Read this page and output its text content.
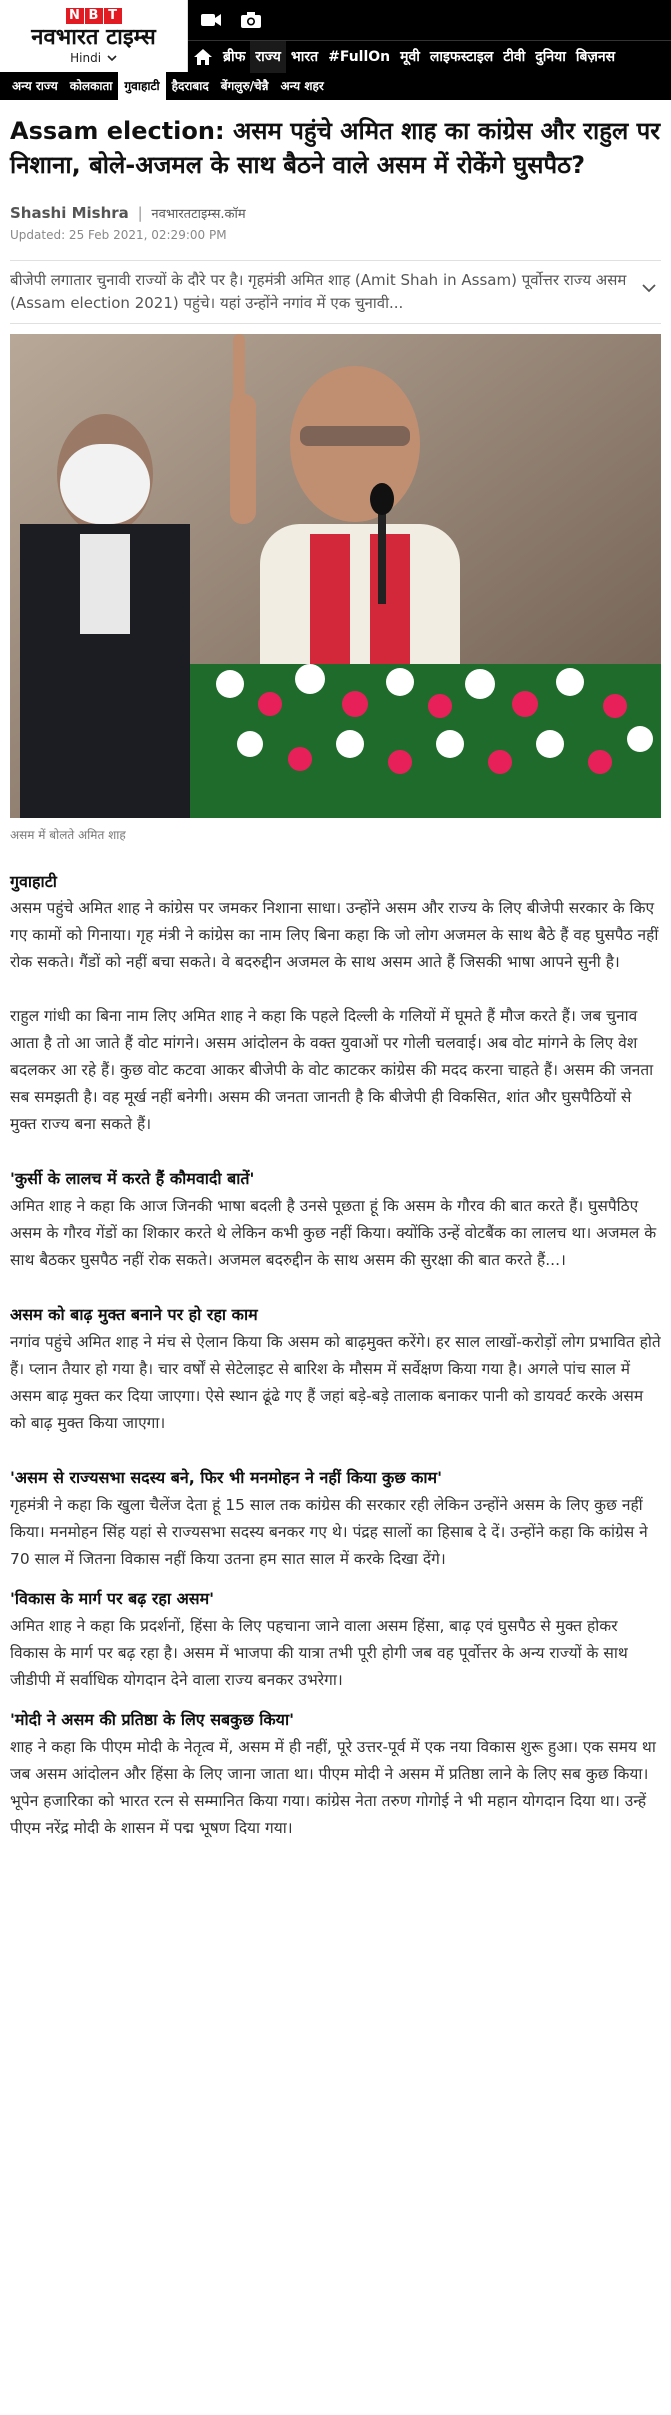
N B T
नवभारत टाइम्स
Hindi	ब्रीफ राज्य भारत #FullOn मूवी लाइफस्टाइल टीवी दुनिया बिज़नस
अन्य राज्य	कोलकाता	गुवाहाटी	हैदराबाद	बेंगलुरु/चेन्नै	अन्य शहर
Assam election: असम पहुंचे अमित शाह का कांग्रेस और राहुल पर निशाना, बोले-अजमल के साथ बैठने वाले असम में रोकेंगे घुसपैठ?
Shashi Mishra | नवभारतटाइम्स.कॉम
Updated: 25 Feb 2021, 02:29:00 PM
बीजेपी लगातार चुनावी राज्यों के दौरे पर है। गृहमंत्री अमित शाह (Amit Shah in Assam) पूर्वोत्तर राज्य असम (Assam election 2021) पहुंचे। यहां उन्होंने नगांव में एक चुनावी...
असम में बोलते अमित शाह
गुवाहाटी

असम पहुंचे अमित शाह ने कांग्रेस पर जमकर निशाना साधा। उन्होंने असम और राज्य के लिए बीजेपी सरकार के किए गए कामों को गिनाया। गृह मंत्री ने कांग्रेस का नाम लिए बिना कहा कि जो लोग अजमल के साथ बैठे हैं वह घुसपैठ नहीं रोक सकते। गैंडों को नहीं बचा सकते। वे बदरुद्दीन अजमल के साथ असम आते हैं जिसकी भाषा आपने सुनी है।

राहुल गांधी का बिना नाम लिए अमित शाह ने कहा कि पहले दिल्ली के गलियों में घूमते हैं मौज करते हैं। जब चुनाव आता है तो आ जाते हैं वोट मांगने। असम आंदोलन के वक्त युवाओं पर गोली चलवाई। अब वोट मांगने के लिए वेश बदलकर आ रहे हैं। कुछ वोट कटवा आकर बीजेपी के वोट काटकर कांग्रेस की मदद करना चाहते हैं। असम की जनता सब समझती है। वह मूर्ख नहीं बनेगी। असम की जनता जानती है कि बीजेपी ही विकसित, शांत और घुसपैठियों से मुक्त राज्य बना सकते हैं।

'कुर्सी के लालच में करते हैं कौमवादी बातें'

अमित शाह ने कहा कि आज जिनकी भाषा बदली है उनसे पूछता हूं कि असम के गौरव की बात करते हैं। घुसपैठिए असम के गौरव गेंडों का शिकार करते थे लेकिन कभी कुछ नहीं किया। क्योंकि उन्हें वोटबैंक का लालच था। अजमल के साथ बैठकर घुसपैठ नहीं रोक सकते। अजमल बदरुद्दीन के साथ असम की सुरक्षा की बात करते हैं...।

असम को बाढ़ मुक्त बनाने पर हो रहा काम

नगांव पहुंचे अमित शाह ने मंच से ऐलान किया कि असम को बाढ़मुक्त करेंगे। हर साल लाखों-करोड़ों लोग प्रभावित होते हैं। प्लान तैयार हो गया है। चार वर्षों से सेटेलाइट से बारिश के मौसम में सर्वेक्षण किया गया है। अगले पांच साल में असम बाढ़ मुक्त कर दिया जाएगा। ऐसे स्थान ढूंढे गए हैं जहां बड़े-बड़े तालाक बनाकर पानी को डायवर्ट करके असम को बाढ़ मुक्त किया जाएगा।

'असम से राज्यसभा सदस्य बने, फिर भी मनमोहन ने नहीं किया कुछ काम'

गृहमंत्री ने कहा कि खुला चैलेंज देता हूं 15 साल तक कांग्रेस की सरकार रही लेकिन उन्होंने असम के लिए कुछ नहीं किया। मनमोहन सिंह यहां से राज्यसभा सदस्य बनकर गए थे। पंद्रह सालों का हिसाब दे दें। उन्होंने कहा कि कांग्रेस ने 70 साल में जितना विकास नहीं किया उतना हम सात साल में करके दिखा देंगे।

'विकास के मार्ग पर बढ़ रहा असम'

अमित शाह ने कहा कि प्रदर्शनों, हिंसा के लिए पहचाना जाने वाला असम हिंसा, बाढ़ एवं घुसपैठ से मुक्त होकर विकास के मार्ग पर बढ़ रहा है। असम में भाजपा की यात्रा तभी पूरी होगी जब वह पूर्वोत्तर के अन्य राज्यों के साथ जीडीपी में सर्वाधिक योगदान देने वाला राज्य बनकर उभरेगा।

'मोदी ने असम की प्रतिष्ठा के लिए सबकुछ किया'

शाह ने कहा कि पीएम मोदी के नेतृत्व में, असम में ही नहीं, पूरे उत्तर-पूर्व में एक नया विकास शुरू हुआ। एक समय था जब असम आंदोलन और हिंसा के लिए जाना जाता था। पीएम मोदी ने असम में प्रतिष्ठा लाने के लिए सब कुछ किया। भूपेन हजारिका को भारत रत्न से सम्मानित किया गया। कांग्रेस नेता तरुण गोगोई ने भी महान योगदान दिया था। उन्हें पीएम नरेंद्र मोदी के शासन में पद्म भूषण दिया गया।
